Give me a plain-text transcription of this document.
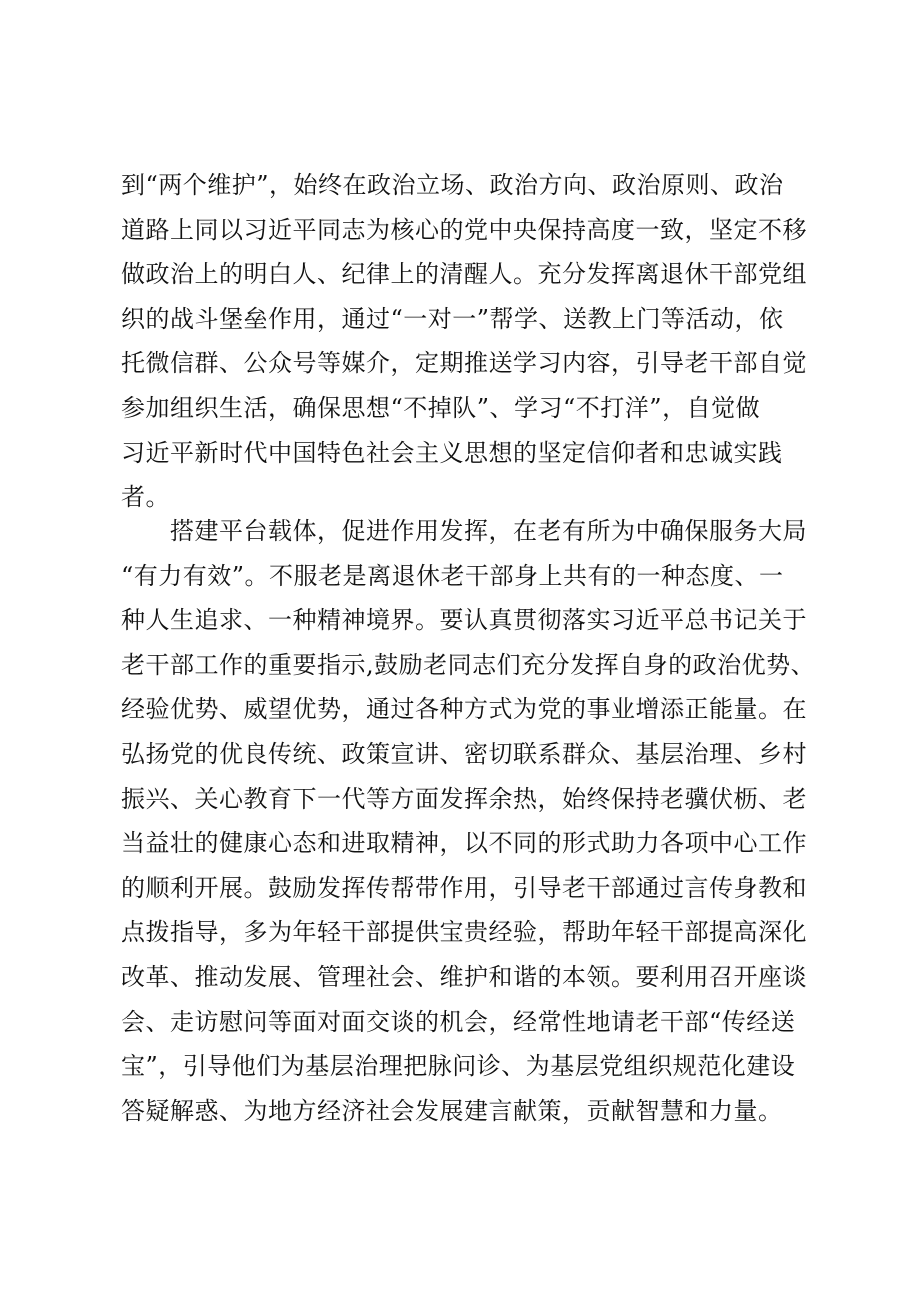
到“两个维护”，始终在政治立场、政治方向、政治原则、政治
道路上同以习近平同志为核心的党中央保持高度一致，坚定不移
做政治上的明白人、纪律上的清醒人。充分发挥离退休干部党组
织的战斗堡垒作用，通过“一对一”帮学、送教上门等活动，依
托微信群、公众号等媒介，定期推送学习内容，引导老干部自觉
参加组织生活，确保思想“不掉队”、学习“不打洋”，自觉做
习近平新时代中国特色社会主义思想的坚定信仰者和忠诚实践
者。
搭建平台载体，促进作用发挥，在老有所为中确保服务大局
“有力有效”。不服老是离退休老干部身上共有的一种态度、一
种人生追求、一种精神境界。要认真贯彻落实习近平总书记关于
老干部工作的重要指示,鼓励老同志们充分发挥自身的政治优势、
经验优势、威望优势，通过各种方式为党的事业增添正能量。在
弘扬党的优良传统、政策宣讲、密切联系群众、基层治理、乡村
振兴、关心教育下一代等方面发挥余热，始终保持老骥伏枥、老
当益壮的健康心态和进取精神，以不同的形式助力各项中心工作
的顺利开展。鼓励发挥传帮带作用，引导老干部通过言传身教和
点拨指导，多为年轻干部提供宝贵经验，帮助年轻干部提高深化
改革、推动发展、管理社会、维护和谐的本领。要利用召开座谈
会、走访慰问等面对面交谈的机会，经常性地请老干部“传经送
宝”，引导他们为基层治理把脉问诊、为基层党组织规范化建设
答疑解惑、为地方经济社会发展建言献策，贡献智慧和力量。
